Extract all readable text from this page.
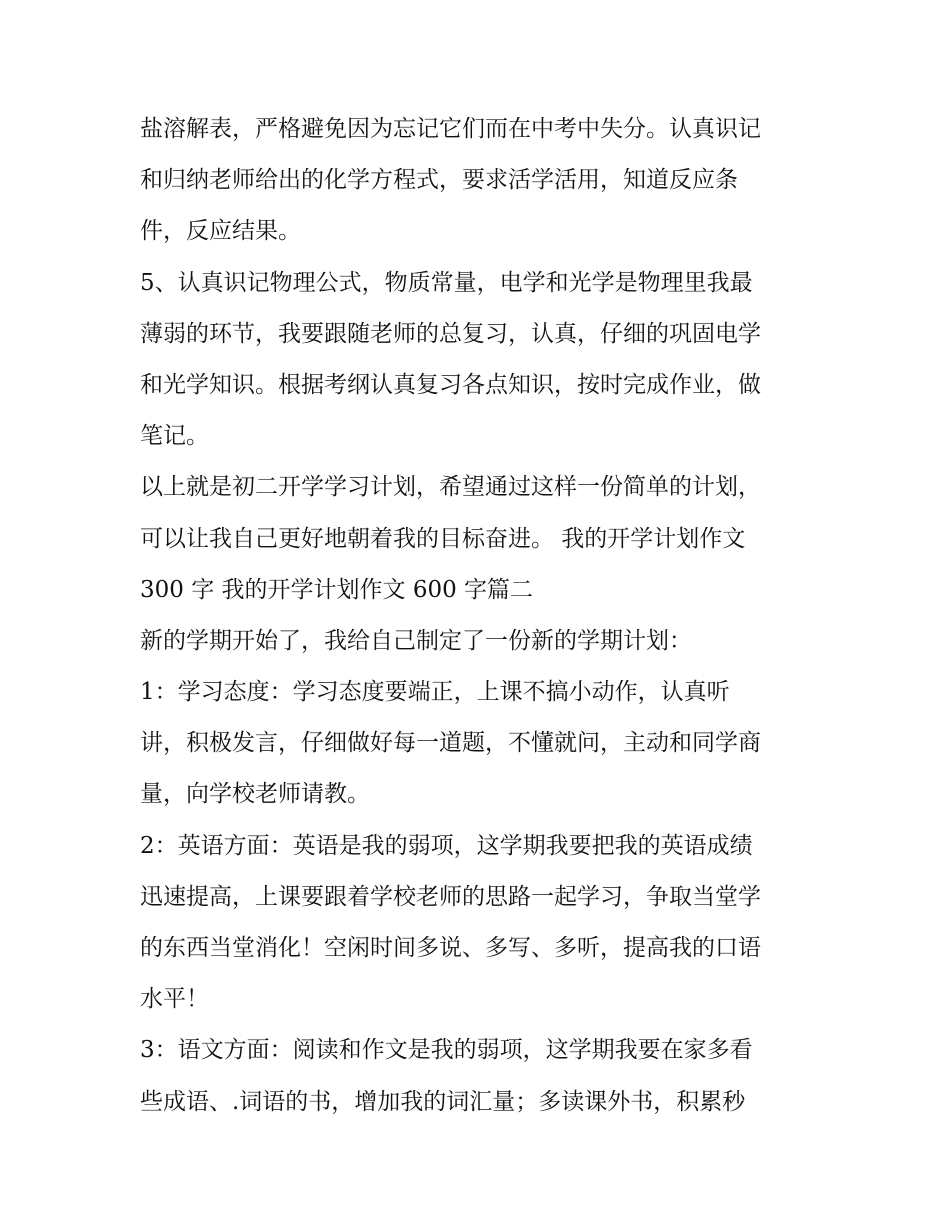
盐溶解表，严格避免因为忘记它们而在中考中失分。认真识记
和归纳老师给出的化学方程式，要求活学活用，知道反应条
件，反应结果。
5、认真识记物理公式，物质常量，电学和光学是物理里我最
薄弱的环节，我要跟随老师的总复习，认真，仔细的巩固电学
和光学知识。根据考纲认真复习各点知识，按时完成作业，做
笔记。
以上就是初二开学学习计划，希望通过这样一份简单的计划，
可以让我自己更好地朝着我的目标奋进。 我的开学计划作文
300 字 我的开学计划作文 600 字篇二
新的学期开始了，我给自己制定了一份新的学期计划：
1：学习态度：学习态度要端正，上课不搞小动作，认真听
讲，积极发言，仔细做好每一道题，不懂就问，主动和同学商
量，向学校老师请教。
2：英语方面：英语是我的弱项，这学期我要把我的英语成绩
迅速提高，上课要跟着学校老师的思路一起学习，争取当堂学
的东西当堂消化！空闲时间多说、多写、多听，提高我的口语
水平！
3：语文方面：阅读和作文是我的弱项，这学期我要在家多看
些成语、.词语的书，增加我的词汇量；多读课外书，积累秒
